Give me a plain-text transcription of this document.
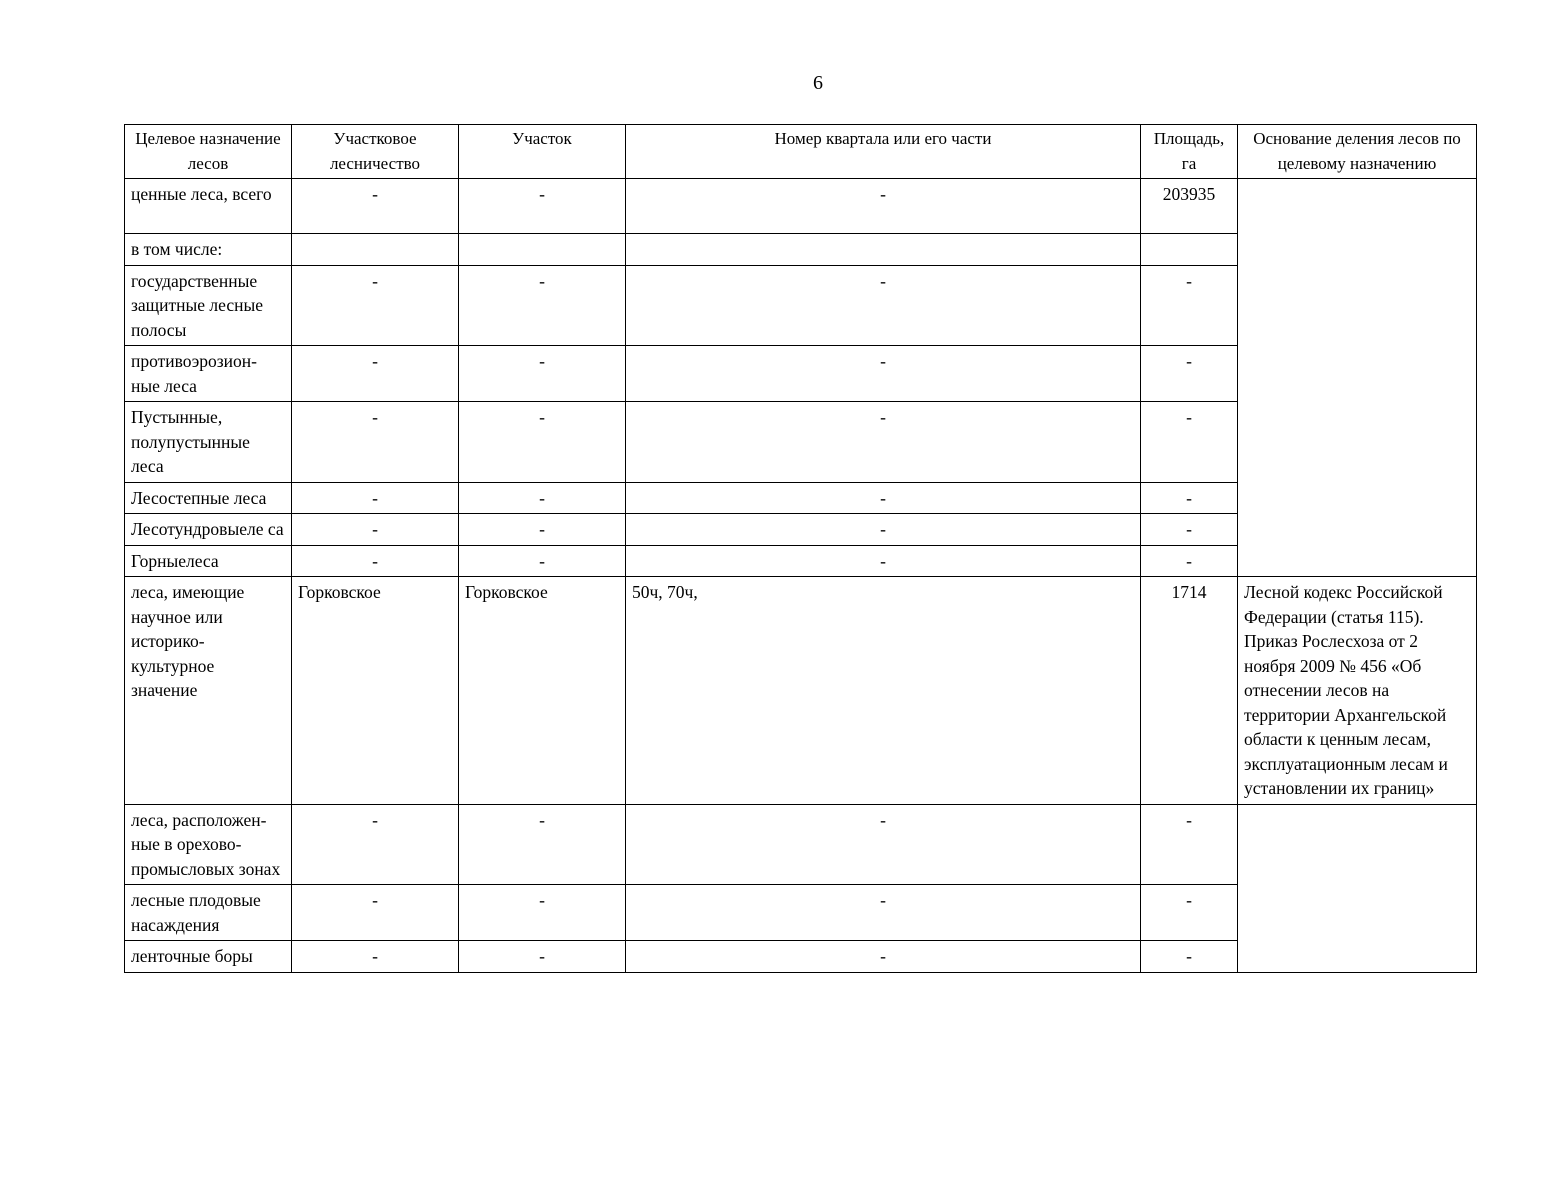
6
Целевое назначение лесов	Участковое лесничество	Участок	Номер квартала или его части	Площадь, га	Основание деления лесов по целевому назначению
ценные леса, всего	-	-	-	203935	
в том числе:					
государственные защитные лесные полосы	-	-	-	-	
противоэрозион-ные леса	-	-	-	-	
Пустынные, полупустынные леса	-	-	-	-	
Лесостепные леса	-	-	-	-	
Лесотундровыеле са	-	-	-	-	
Горныелеса	-	-	-	-	
леса, имеющие научное или историко-культурное значение	Горковское	Горковское	50ч, 70ч,	1714	Лесной кодекс Российской Федерации (статья 115). Приказ Рослесхоза от 2 ноября 2009 № 456 «Об отнесении лесов на территории Архангельской области к ценным лесам, эксплуатационным лесам и установлении их границ»
леса, расположен-ные в орехово-промысловых зонах	-	-	-	-	
лесные плодовые насаждения	-	-	-	-	
ленточные боры	-	-	-	-	
